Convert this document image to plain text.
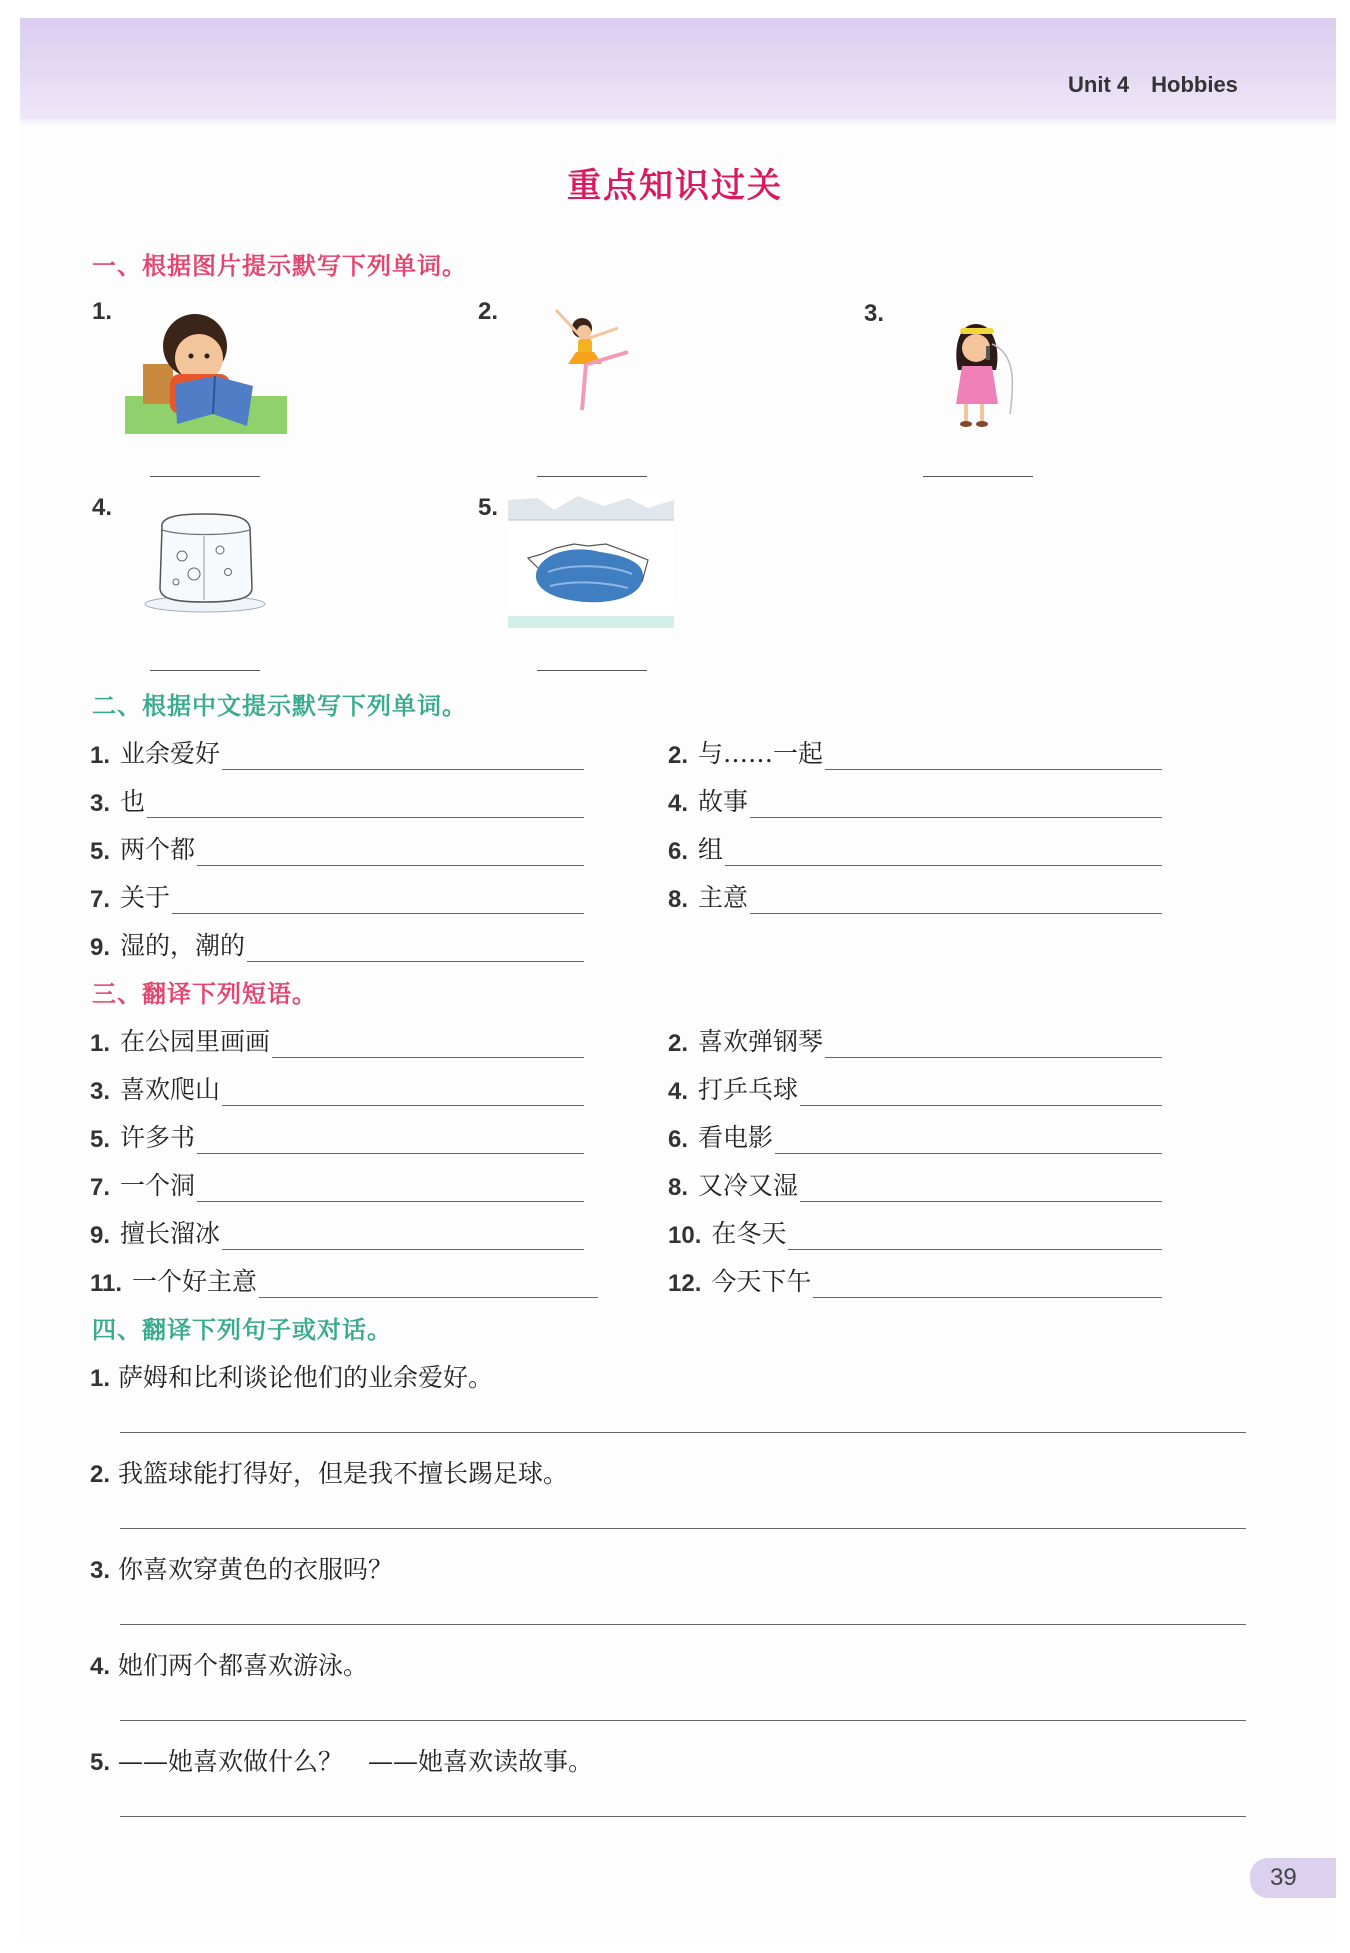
Unit 4 Hobbies
重点知识过关
一、根据图片提示默写下列单词。
1.	2.	3.
4.	5.
二、根据中文提示默写下列单词。
1. 业余爱好	2. 与……一起
3. 也	4. 故事
5. 两个都	6. 组
7. 关于	8. 主意
9. 湿的，潮的
三、翻译下列短语。
1. 在公园里画画	2. 喜欢弹钢琴
3. 喜欢爬山	4. 打乒乓球
5. 许多书	6. 看电影
7. 一个洞	8. 又冷又湿
9. 擅长溜冰	10. 在冬天
11. 一个好主意	12. 今天下午
四、翻译下列句子或对话。
1. 萨姆和比利谈论他们的业余爱好。
2. 我篮球能打得好，但是我不擅长踢足球。
3. 你喜欢穿黄色的衣服吗？
4. 她们两个都喜欢游泳。
5. ——她喜欢做什么？　——她喜欢读故事。
39
